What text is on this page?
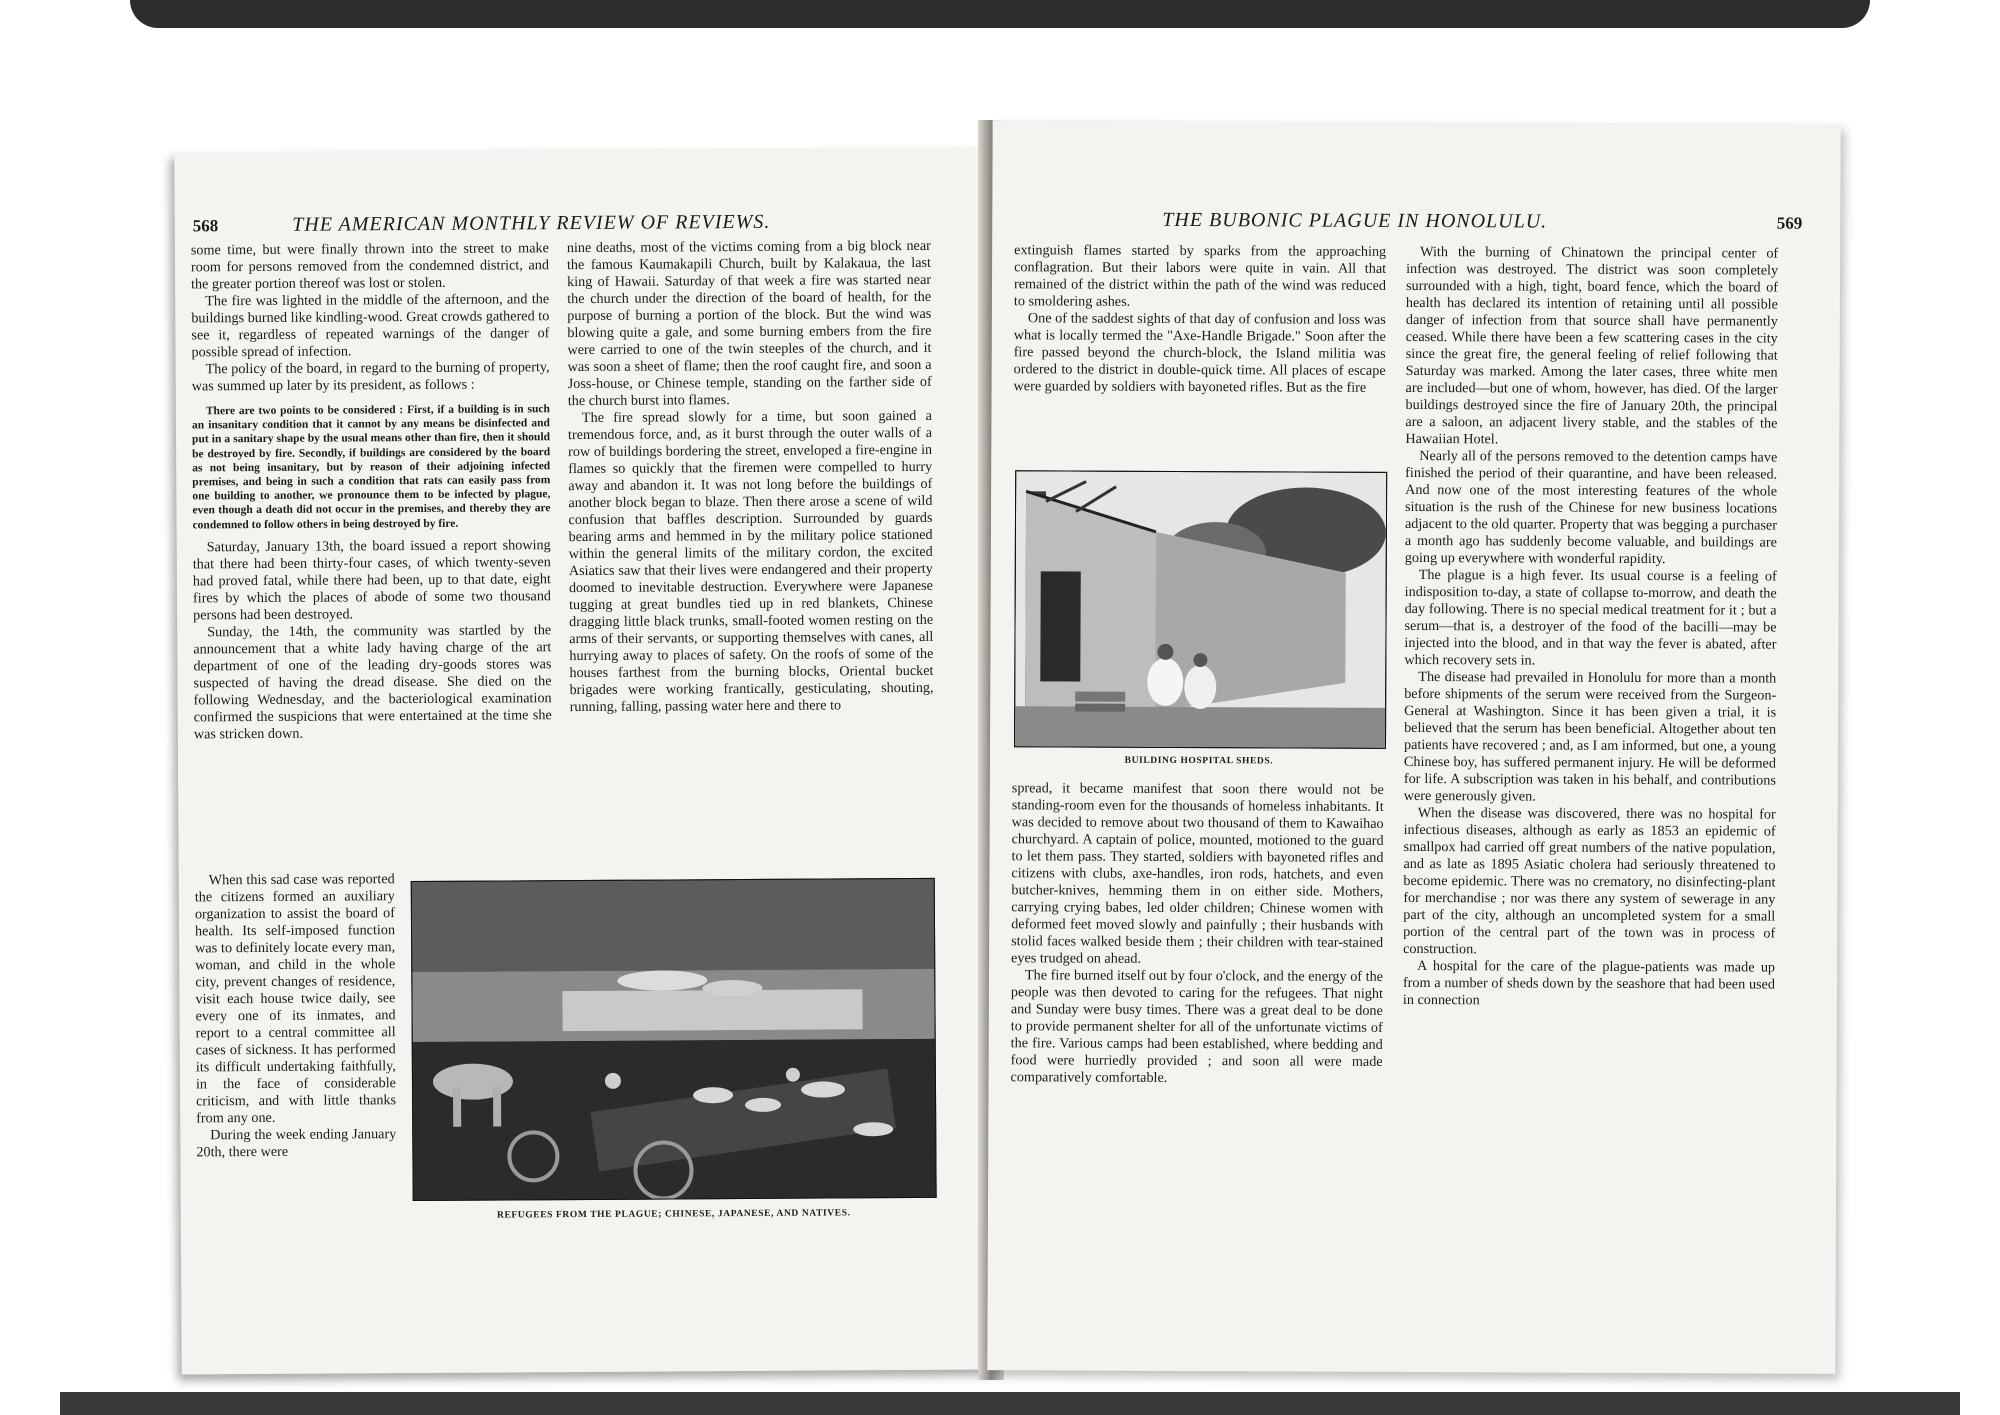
568	THE AMERICAN MONTHLY REVIEW OF REVIEWS.

some time, but were finally thrown into the street to make room for persons removed from the condemned district, and the greater portion thereof was lost or stolen.

The fire was lighted in the middle of the afternoon, and the buildings burned like kindling-wood. Great crowds gathered to see it, regardless of repeated warnings of the danger of possible spread of infection.

The policy of the board, in regard to the burning of property, was summed up later by its president, as follows :

There are two points to be considered : First, if a building is in such an insanitary condition that it cannot by any means be disinfected and put in a sanitary shape by the usual means other than fire, then it should be destroyed by fire. Secondly, if buildings are considered by the board as not being insanitary, but by reason of their adjoining infected premises, and being in such a condition that rats can easily pass from one building to another, we pronounce them to be infected by plague, even though a death did not occur in the premises, and thereby they are condemned to follow others in being destroyed by fire.

Saturday, January 13th, the board issued a report showing that there had been thirty-four cases, of which twenty-seven had proved fatal, while there had been, up to that date, eight fires by which the places of abode of some two thousand persons had been destroyed.

Sunday, the 14th, the community was startled by the announcement that a white lady having charge of the art department of one of the leading dry-goods stores was suspected of having the dread disease. She died on the following Wednesday, and the bacteriological examination confirmed the suspicions that were entertained at the time she was stricken down.

When this sad case was reported the citizens formed an auxiliary organization to assist the board of health. Its self-imposed function was to definitely locate every man, woman, and child in the whole city, prevent changes of residence, visit each house twice daily, see every one of its inmates, and report to a central committee all cases of sickness. It has performed its difficult undertaking faithfully, in the face of considerable criticism, and with little thanks from any one.

During the week ending January 20th, there were

nine deaths, most of the victims coming from a big block near the famous Kaumakapili Church, built by Kalakaua, the last king of Hawaii. Saturday of that week a fire was started near the church under the direction of the board of health, for the purpose of burning a portion of the block. But the wind was blowing quite a gale, and some burning embers from the fire were carried to one of the twin steeples of the church, and it was soon a sheet of flame; then the roof caught fire, and soon a Joss-house, or Chinese temple, standing on the farther side of the church burst into flames.

The fire spread slowly for a time, but soon gained a tremendous force, and, as it burst through the outer walls of a row of buildings bordering the street, enveloped a fire-engine in flames so quickly that the firemen were compelled to hurry away and abandon it. It was not long before the buildings of another block began to blaze. Then there arose a scene of wild confusion that baffles description. Surrounded by guards bearing arms and hemmed in by the military police stationed within the general limits of the military cordon, the excited Asiatics saw that their lives were endangered and their property doomed to inevitable destruction. Everywhere were Japanese tugging at great bundles tied up in red blankets, Chinese dragging little black trunks, small-footed women resting on the arms of their servants, or supporting themselves with canes, all hurrying away to places of safety. On the roofs of some of the houses farthest from the burning blocks, Oriental bucket brigades were working frantically, gesticulating, shouting, running, falling, passing water here and there to

REFUGEES FROM THE PLAGUE; CHINESE, JAPANESE, AND NATIVES.
THE BUBONIC PLAGUE IN HONOLULU.	569

extinguish flames started by sparks from the approaching conflagration. But their labors were quite in vain. All that remained of the district within the path of the wind was reduced to smoldering ashes.

One of the saddest sights of that day of confusion and loss was what is locally termed the "Axe-Handle Brigade." Soon after the fire passed beyond the church-block, the Island militia was ordered to the district in double-quick time. All places of escape were guarded by soldiers with bayoneted rifles. But as the fire

BUILDING HOSPITAL SHEDS.

spread, it became manifest that soon there would not be standing-room even for the thousands of homeless inhabitants. It was decided to remove about two thousand of them to Kawaihao churchyard. A captain of police, mounted, motioned to the guard to let them pass. They started, soldiers with bayoneted rifles and citizens with clubs, axe-handles, iron rods, hatchets, and even butcher-knives, hemming them in on either side. Mothers, carrying crying babes, led older children; Chinese women with deformed feet moved slowly and painfully ; their husbands with stolid faces walked beside them ; their children with tear-stained eyes trudged on ahead.

The fire burned itself out by four o'clock, and the energy of the people was then devoted to caring for the refugees. That night and Sunday were busy times. There was a great deal to be done to provide permanent shelter for all of the unfortunate victims of the fire. Various camps had been established, where bedding and food were hurriedly provided ; and soon all were made comparatively comfortable.

With the burning of Chinatown the principal center of infection was destroyed. The district was soon completely surrounded with a high, tight, board fence, which the board of health has declared its intention of retaining until all possible danger of infection from that source shall have permanently ceased. While there have been a few scattering cases in the city since the great fire, the general feeling of relief following that Saturday was marked. Among the later cases, three white men are included—but one of whom, however, has died. Of the larger buildings destroyed since the fire of January 20th, the principal are a saloon, an adjacent livery stable, and the stables of the Hawaiian Hotel.

Nearly all of the persons removed to the detention camps have finished the period of their quarantine, and have been released. And now one of the most interesting features of the whole situation is the rush of the Chinese for new business locations adjacent to the old quarter. Property that was begging a purchaser a month ago has suddenly become valuable, and buildings are going up everywhere with wonderful rapidity.

The plague is a high fever. Its usual course is a feeling of indisposition to-day, a state of collapse to-morrow, and death the day following. There is no special medical treatment for it ; but a serum—that is, a destroyer of the food of the bacilli—may be injected into the blood, and in that way the fever is abated, after which recovery sets in.

The disease had prevailed in Honolulu for more than a month before shipments of the serum were received from the Surgeon-General at Washington. Since it has been given a trial, it is believed that the serum has been beneficial. Altogether about ten patients have recovered ; and, as I am informed, but one, a young Chinese boy, has suffered permanent injury. He will be deformed for life. A subscription was taken in his behalf, and contributions were generously given.

When the disease was discovered, there was no hospital for infectious diseases, although as early as 1853 an epidemic of smallpox had carried off great numbers of the native population, and as late as 1895 Asiatic cholera had seriously threatened to become epidemic. There was no crematory, no disinfecting-plant for merchandise ; nor was there any system of sewerage in any part of the city, although an uncompleted system for a small portion of the central part of the town was in process of construction.

A hospital for the care of the plague-patients was made up from a number of sheds down by the seashore that had been used in connection
